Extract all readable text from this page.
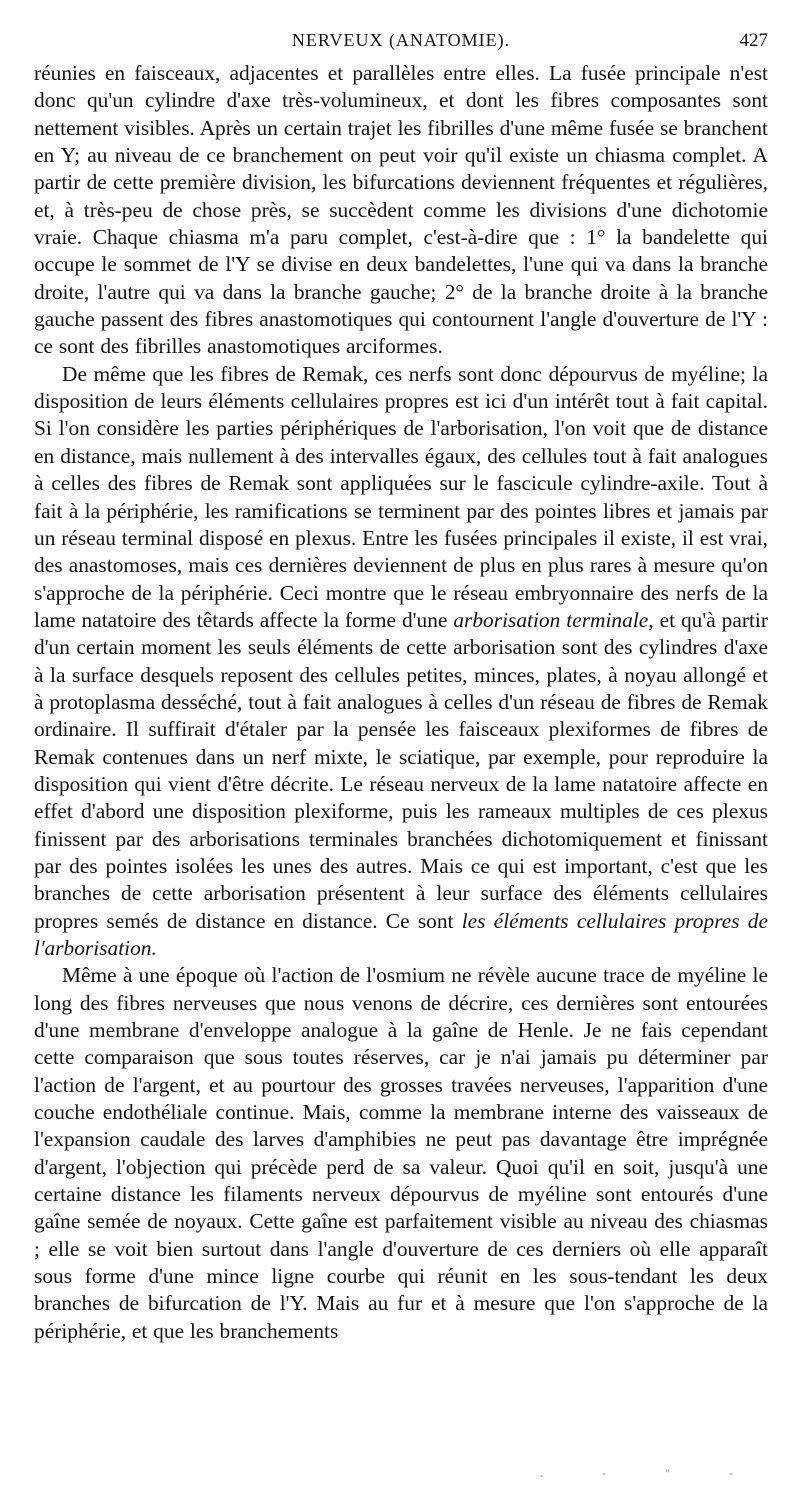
NERVEUX (ANATOMIE).	427

réunies en faisceaux, adjacentes et parallèles entre elles. La fusée principale n'est donc qu'un cylindre d'axe très-volumineux, et dont les fibres composantes sont nettement visibles. Après un certain trajet les fibrilles d'une même fusée se branchent en Y; au niveau de ce branchement on peut voir qu'il existe un chiasma complet. A partir de cette première division, les bifurcations deviennent fréquentes et régulières, et, à très-peu de chose près, se succèdent comme les divisions d'une dichotomie vraie. Chaque chiasma m'a paru complet, c'est-à-dire que : 1° la bandelette qui occupe le sommet de l'Y se divise en deux bandelettes, l'une qui va dans la branche droite, l'autre qui va dans la branche gauche; 2° de la branche droite à la branche gauche passent des fibres anastomotiques qui contournent l'angle d'ouverture de l'Y : ce sont des fibrilles anastomotiques arciformes.

De même que les fibres de Remak, ces nerfs sont donc dépourvus de myéline; la disposition de leurs éléments cellulaires propres est ici d'un intérêt tout à fait capital. Si l'on considère les parties périphériques de l'arborisation, l'on voit que de distance en distance, mais nullement à des intervalles égaux, des cellules tout à fait analogues à celles des fibres de Remak sont appliquées sur le fascicule cylindre-axile. Tout à fait à la périphérie, les ramifications se terminent par des pointes libres et jamais par un réseau terminal disposé en plexus. Entre les fusées principales il existe, il est vrai, des anastomoses, mais ces dernières deviennent de plus en plus rares à mesure qu'on s'approche de la périphérie. Ceci montre que le réseau embryonnaire des nerfs de la lame natatoire des têtards affecte la forme d'une arborisation terminale, et qu'à partir d'un certain moment les seuls éléments de cette arborisation sont des cylindres d'axe à la surface desquels reposent des cellules petites, minces, plates, à noyau allongé et à protoplasma desséché, tout à fait analogues à celles d'un réseau de fibres de Remak ordinaire. Il suffirait d'étaler par la pensée les faisceaux plexiformes de fibres de Remak contenues dans un nerf mixte, le sciatique, par exemple, pour reproduire la disposition qui vient d'être décrite. Le réseau nerveux de la lame natatoire affecte en effet d'abord une disposition plexiforme, puis les rameaux multiples de ces plexus finissent par des arborisations terminales branchées dichotomiquement et finissant par des pointes isolées les unes des autres. Mais ce qui est important, c'est que les branches de cette arborisation présentent à leur surface des éléments cellulaires propres semés de distance en distance. Ce sont les éléments cellulaires propres de l'arborisation.

Même à une époque où l'action de l'osmium ne révèle aucune trace de myéline le long des fibres nerveuses que nous venons de décrire, ces dernières sont entourées d'une membrane d'enveloppe analogue à la gaîne de Henle. Je ne fais cependant cette comparaison que sous toutes réserves, car je n'ai jamais pu déterminer par l'action de l'argent, et au pourtour des grosses travées nerveuses, l'apparition d'une couche endothéliale continue. Mais, comme la membrane interne des vaisseaux de l'expansion caudale des larves d'amphibies ne peut pas davantage être imprégnée d'argent, l'objection qui précède perd de sa valeur. Quoi qu'il en soit, jusqu'à une certaine distance les filaments nerveux dépourvus de myéline sont entourés d'une gaîne semée de noyaux. Cette gaîne est parfaitement visible au niveau des chiasmas ; elle se voit bien surtout dans l'angle d'ouverture de ces derniers où elle apparaît sous forme d'une mince ligne courbe qui réunit en les sous-tendant les deux branches de bifurcation de l'Y. Mais au fur et à mesure que l'on s'approche de la périphérie, et que les branchements

. - " -
